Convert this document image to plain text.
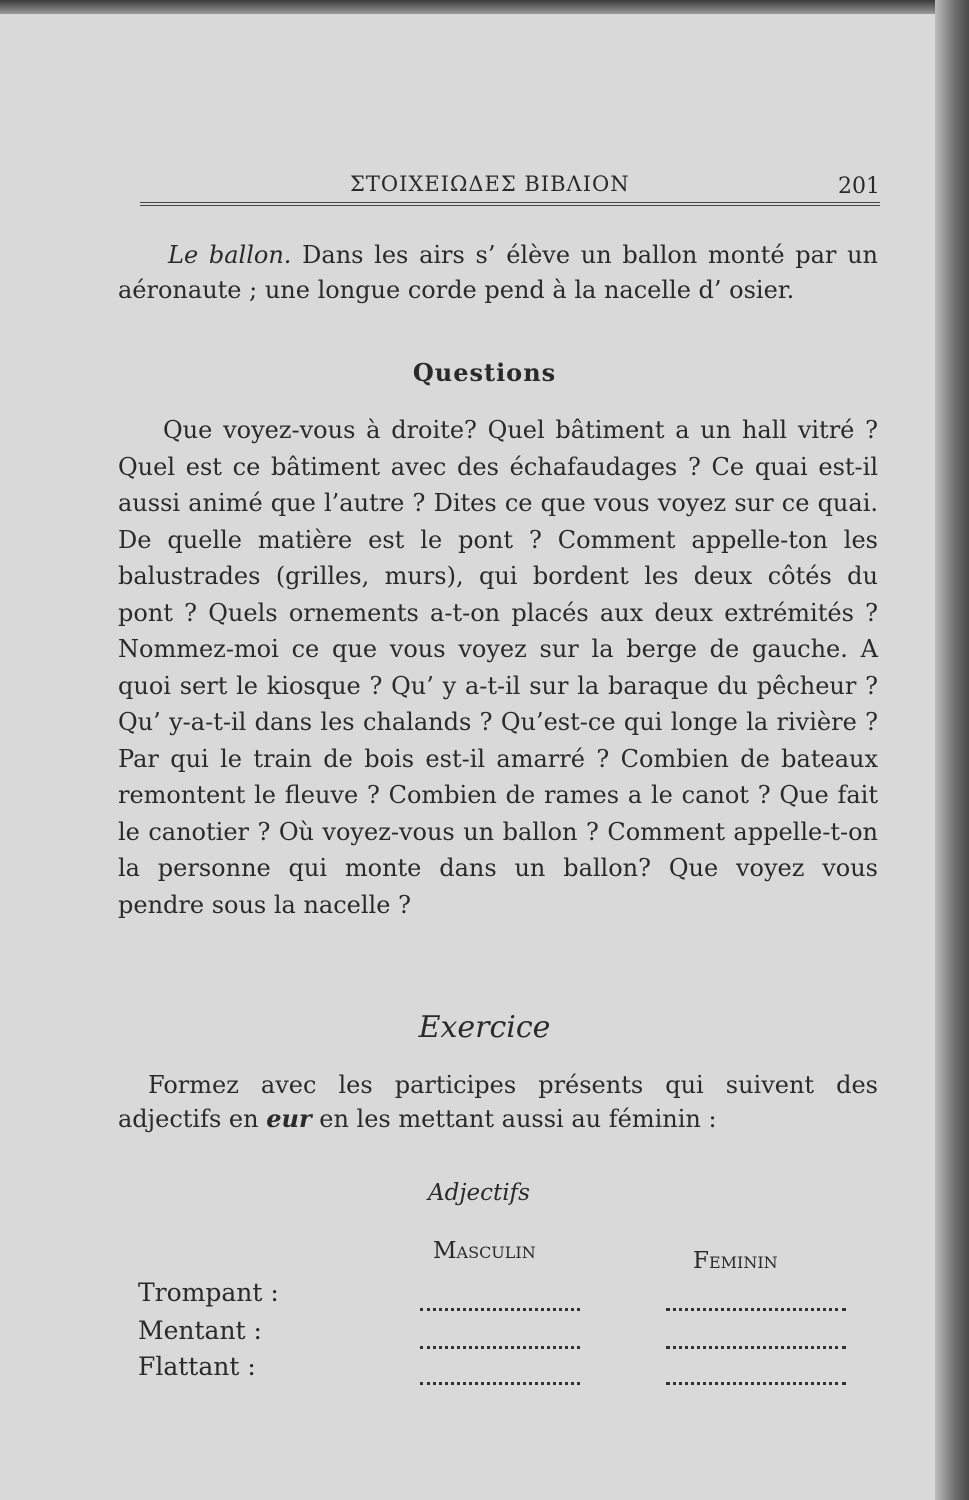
ΣΤΟΙΧΕΙΩΔΕΣ ΒΙΒΛΙΟΝ	201

Le ballon. Dans les airs s’ élève un ballon monté par un aéronaute ; une longue corde pend à la nacelle d’ osier.

Questions

Que voyez-vous à droite? Quel bâtiment a un hall vitré ? Quel est ce bâtiment avec des échafaudages ? Ce quai est-il aussi animé que l’autre ? Dites ce que vous voyez sur ce quai. De quelle matière est le pont ? Comment appelle-ton les balustrades (grilles, murs), qui bordent les deux côtés du pont ? Quels ornements a-t-on placés aux deux extrémités ? Nommez-moi ce que vous voyez sur la berge de gauche. A quoi sert le kiosque ? Qu’ y a-t-il sur la baraque du pêcheur ? Qu’ y-a-t-il dans les chalands ? Qu’est-ce qui longe la rivière ? Par qui le train de bois est-il amarré ? Combien de bateaux remontent le fleuve ? Combien de rames a le canot ? Que fait le canotier ? Où voyez-vous un ballon ? Comment appelle-t-on la personne qui monte dans un ballon? Que voyez vous pendre sous la nacelle ?

Exercice

Formez avec les participes présents qui suivent des adjectifs en eur en les mettant aussi au féminin :

Adjectifs
Masculin	Feminin
Trompant :
Mentant :
Flattant :
